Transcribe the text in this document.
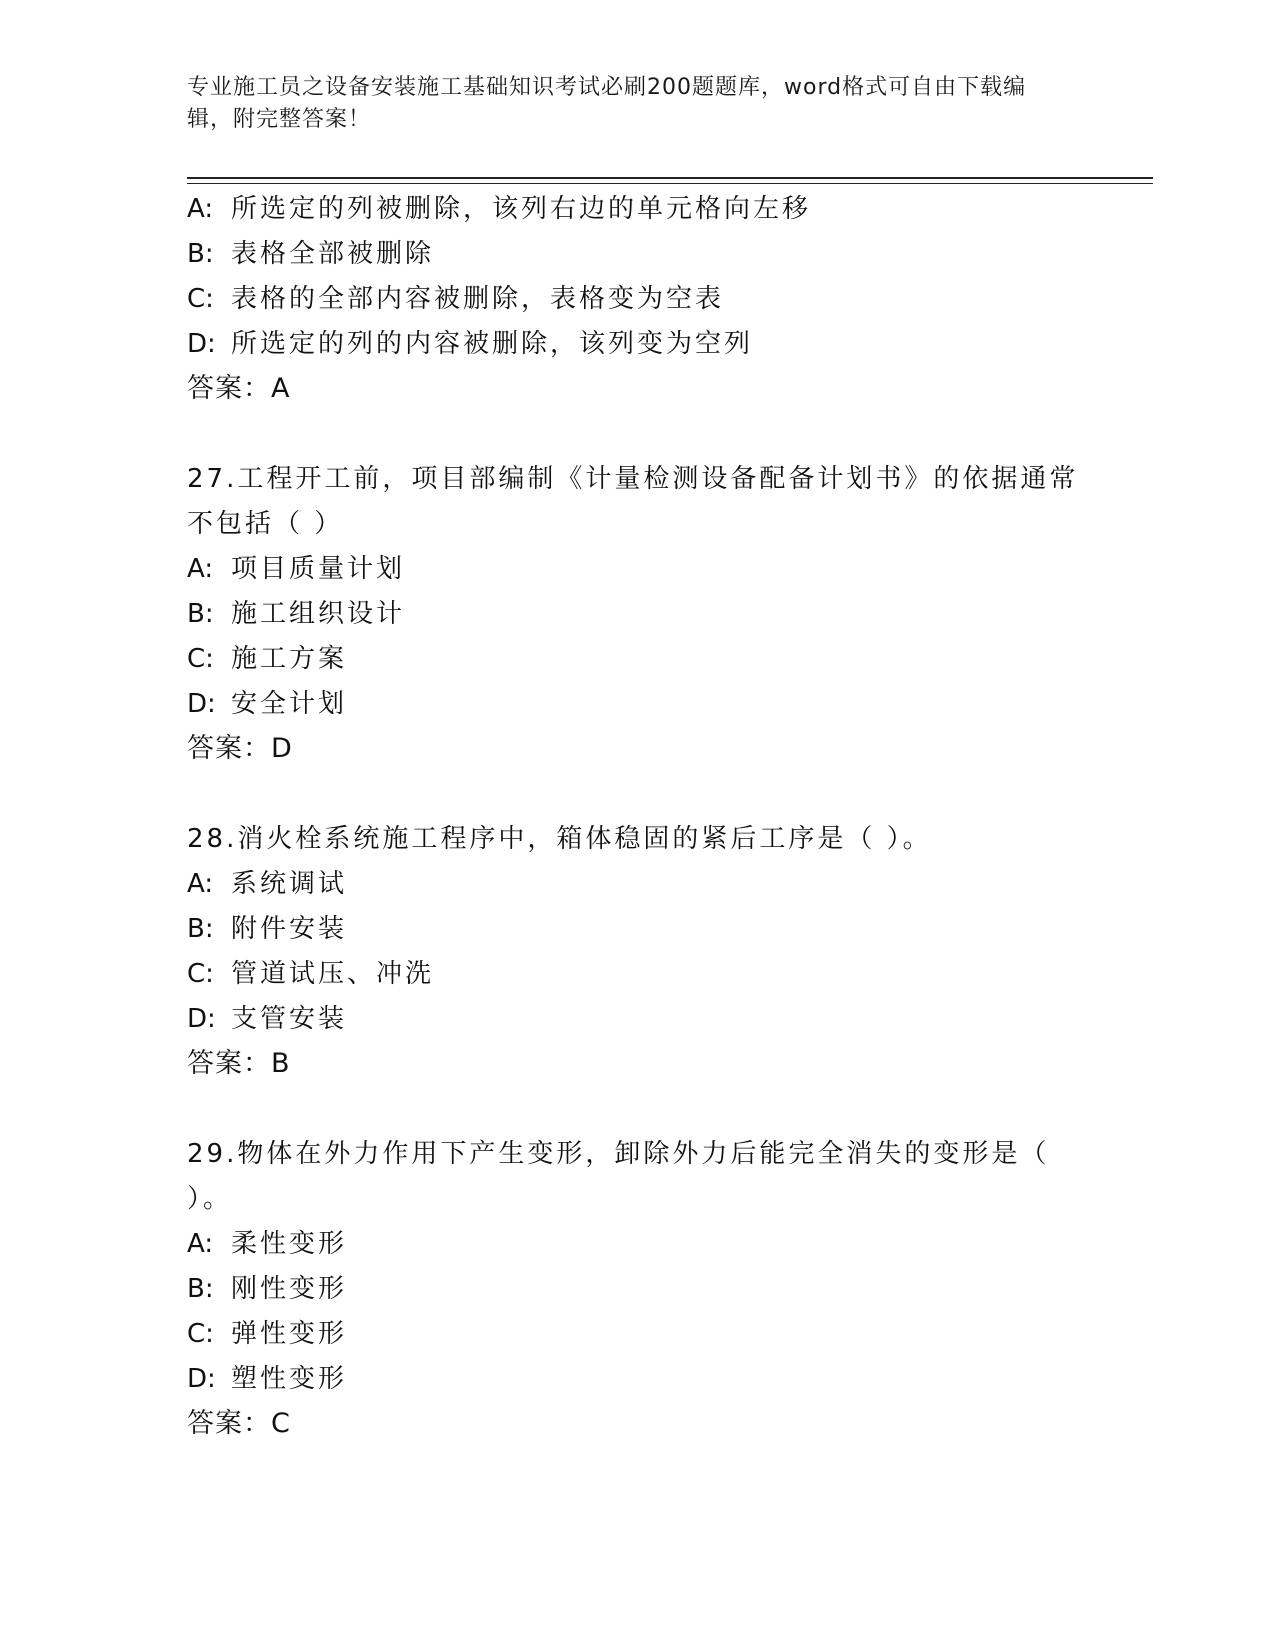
专业施工员之设备安装施工基础知识考试必刷200题题库，word格式可自由下载编辑，附完整答案！
A: 所选定的列被删除，该列右边的单元格向左移
B: 表格全部被删除
C: 表格的全部内容被删除，表格变为空表
D: 所选定的列的内容被删除，该列变为空列
答案：A
27.工程开工前，项目部编制《计量检测设备配备计划书》的依据通常
不包括（ ）
A: 项目质量计划
B: 施工组织设计
C: 施工方案
D: 安全计划
答案：D
28.消火栓系统施工程序中，箱体稳固的紧后工序是（ ）。
A: 系统调试
B: 附件安装
C: 管道试压、冲洗
D: 支管安装
答案：B
29.物体在外力作用下产生变形，卸除外力后能完全消失的变形是（
）。
A: 柔性变形
B: 刚性变形
C: 弹性变形
D: 塑性变形
答案：C
